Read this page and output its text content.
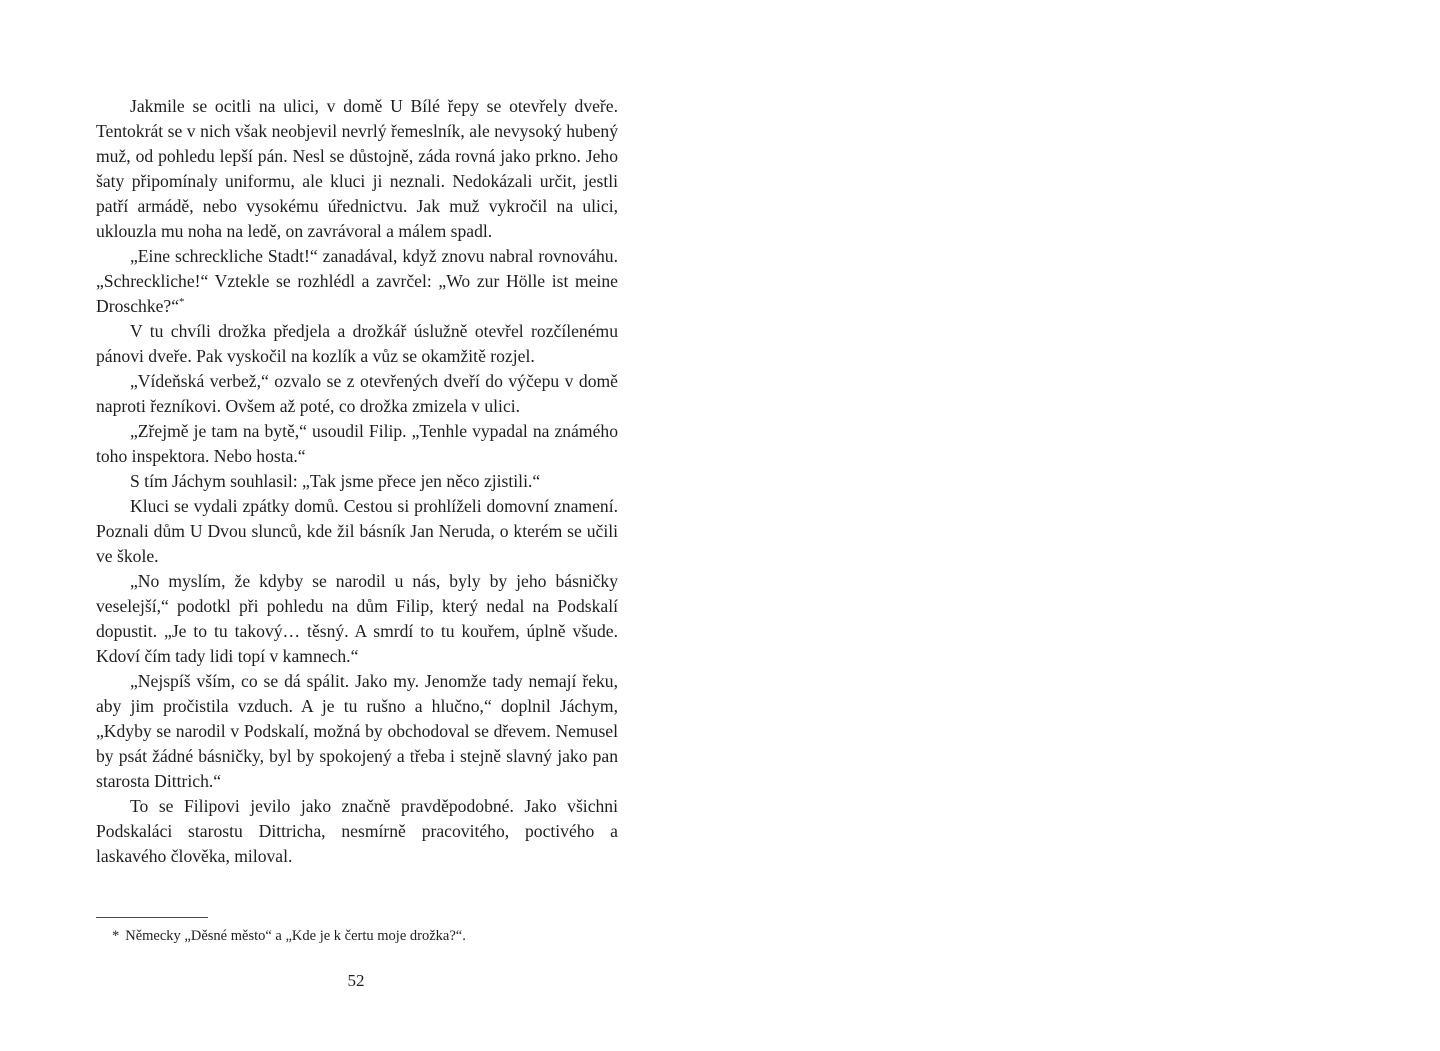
Jakmile se ocitli na ulici, v domě U Bílé řepy se otevřely dveře. Tentokrát se v nich však neobjevil nevrlý řemeslník, ale nevysoký hubený muž, od pohledu lepší pán. Nesl se důstojně, záda rovná jako prkno. Jeho šaty připomínaly uniformu, ale kluci ji neznali. Nedokázali určit, jestli patří armádě, nebo vysokému úřednictvu. Jak muž vykročil na ulici, uklouzla mu noha na ledě, on zavrávoral a málem spadl.

„Eine schreckliche Stadt!“ zanadával, když znovu nabral rovnováhu. „Schreckliche!“ Vztekle se rozhlédl a zavrčel: „Wo zur Hölle ist meine Droschke?“*

V tu chvíli drožka předjela a drožkář úslužně otevřel rozčílenému pánovi dveře. Pak vyskočil na kozlík a vůz se okamžitě rozjel.

„Vídeňská verbež,“ ozvalo se z otevřených dveří do výčepu v domě naproti řezníkovi. Ovšem až poté, co drožka zmizela v ulici.

„Zřejmě je tam na bytě,“ usoudil Filip. „Tenhle vypadal na známého toho inspektora. Nebo hosta.“

S tím Jáchym souhlasil: „Tak jsme přece jen něco zjistili.“

Kluci se vydali zpátky domů. Cestou si prohlíželi domovní znamení. Poznali dům U Dvou slunců, kde žil básník Jan Neruda, o kterém se učili ve škole.

„No myslím, že kdyby se narodil u nás, byly by jeho básničky veselejší,“ podotkl při pohledu na dům Filip, který nedal na Podskalí dopustit. „Je to tu takový… těsný. A smrdí to tu kouřem, úplně všude. Kdoví čím tady lidi topí v kamnech.“

„Nejspíš vším, co se dá spálit. Jako my. Jenomže tady nemají řeku, aby jim pročistila vzduch. A je tu rušno a hlučno,“ doplnil Jáchym, „Kdyby se narodil v Podskalí, možná by obchodoval se dřevem. Nemusel by psát žádné básničky, byl by spokojený a třeba i stejně slavný jako pan starosta Dittrich.“

To se Filipovi jevilo jako značně pravděpodobné. Jako všichni Podskaláci starostu Dittricha, nesmírně pracovitého, poctivého a laskavého člověka, miloval.

* Německy „Děsné město“ a „Kde je k čertu moje drožka?“.
52
